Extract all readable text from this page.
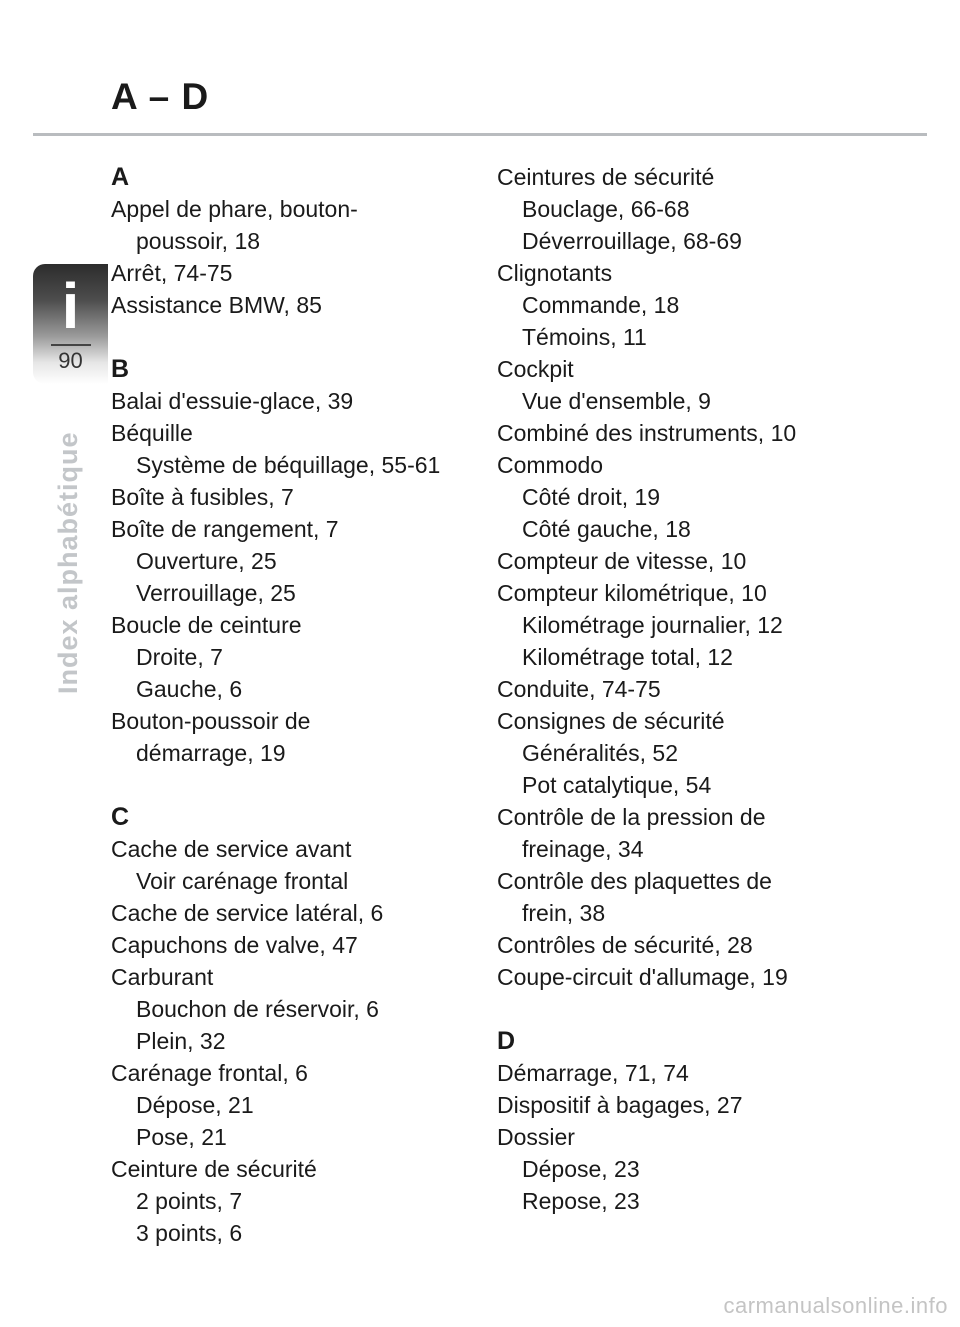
A – D
i
90
Index alphabétique
A
Appel de phare, bouton-
poussoir, 18
Arrêt, 74-75
Assistance BMW, 85
B
Balai d'essuie-glace, 39
Béquille
Système de béquillage, 55-61
Boîte à fusibles, 7
Boîte de rangement, 7
Ouverture, 25
Verrouillage, 25
Boucle de ceinture
Droite, 7
Gauche, 6
Bouton-poussoir de
démarrage, 19
C
Cache de service avant
Voir carénage frontal
Cache de service latéral, 6
Capuchons de valve, 47
Carburant
Bouchon de réservoir, 6
Plein, 32
Carénage frontal, 6
Dépose, 21
Pose, 21
Ceinture de sécurité
2 points, 7
3 points, 6
Ceintures de sécurité
Bouclage, 66-68
Déverrouillage, 68-69
Clignotants
Commande, 18
Témoins, 11
Cockpit
Vue d'ensemble, 9
Combiné des instruments, 10
Commodo
Côté droit, 19
Côté gauche, 18
Compteur de vitesse, 10
Compteur kilométrique, 10
Kilométrage journalier, 12
Kilométrage total, 12
Conduite, 74-75
Consignes de sécurité
Généralités, 52
Pot catalytique, 54
Contrôle de la pression de
freinage, 34
Contrôle des plaquettes de
frein, 38
Contrôles de sécurité, 28
Coupe-circuit d'allumage, 19
D
Démarrage, 71, 74
Dispositif à bagages, 27
Dossier
Dépose, 23
Repose, 23
carmanualsonline.info
